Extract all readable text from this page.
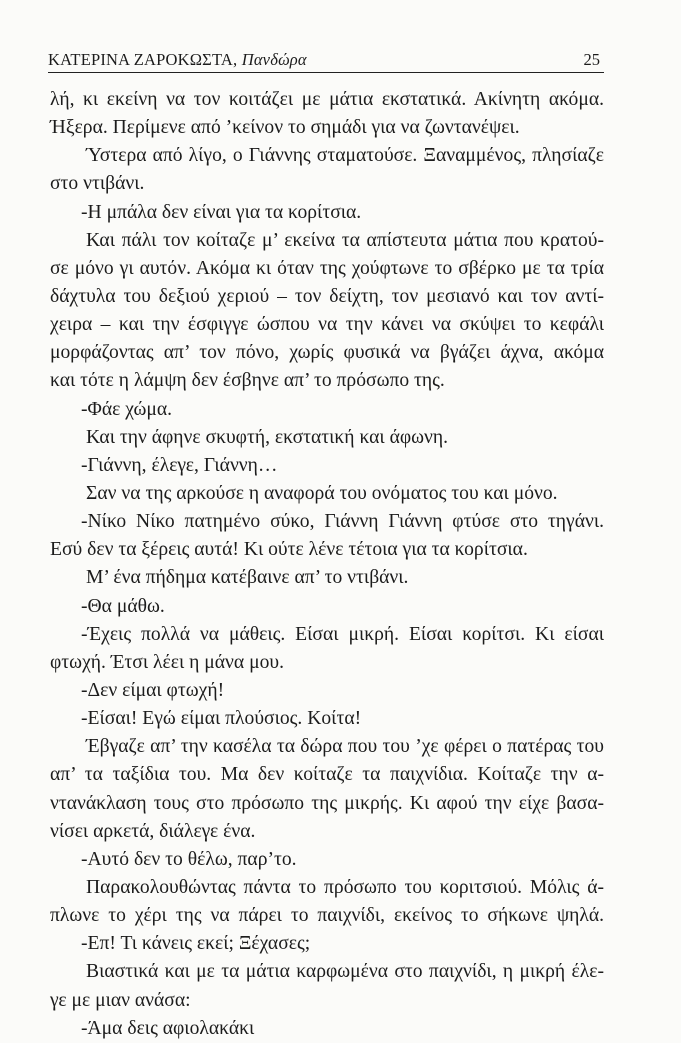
ΚΑΤΕΡΙΝΑ ΖΑΡΟΚΩΣΤΑ, Πανδώρα	25
λή, κι εκείνη να τον κοιτάζει με μάτια εκστατικά. Ακίνητη ακόμα.
Ήξερα. Περίμενε από ’κείνον το σημάδι για να ζωντανέψει.
Ύστερα από λίγο, ο Γιάννης σταματούσε. Ξαναμμένος, πλησίαζε
στο ντιβάνι.
-Η μπάλα δεν είναι για τα κορίτσια.
Και πάλι τον κοίταζε μ’ εκείνα τα απίστευτα μάτια που κρατού-
σε μόνο γι αυτόν. Ακόμα κι όταν της χούφτωνε το σβέρκο με τα τρία
δάχτυλα του δεξιού χεριού – τον δείχτη, τον μεσιανό και τον αντί-
χειρα – και την έσφιγγε ώσπου να την κάνει να σκύψει το κεφάλι
μορφάζοντας απ’ τον πόνο, χωρίς φυσικά να βγάζει άχνα, ακόμα
και τότε η λάμψη δεν έσβηνε απ’ το πρόσωπο της.
-Φάε χώμα.
Και την άφηνε σκυφτή, εκστατική και άφωνη.
-Γιάννη, έλεγε, Γιάννη…
Σαν να της αρκούσε η αναφορά του ονόματος του και μόνο.
-Νίκο Νίκο πατημένο σύκο, Γιάννη Γιάννη φτύσε στο τηγάνι.
Εσύ δεν τα ξέρεις αυτά! Κι ούτε λένε τέτοια για τα κορίτσια.
Μ’ ένα πήδημα κατέβαινε απ’ το ντιβάνι.
-Θα μάθω.
-Έχεις πολλά να μάθεις. Είσαι μικρή. Είσαι κορίτσι. Κι είσαι
φτωχή. Έτσι λέει η μάνα μου.
-Δεν είμαι φτωχή!
-Είσαι! Εγώ είμαι πλούσιος. Κοίτα!
Έβγαζε απ’ την κασέλα τα δώρα που του ’χε φέρει ο πατέρας του
απ’ τα ταξίδια του. Μα δεν κοίταζε τα παιχνίδια. Κοίταζε την α-
ντανάκλαση τους στο πρόσωπο της μικρής. Κι αφού την είχε βασα-
νίσει αρκετά, διάλεγε ένα.
-Αυτό δεν το θέλω, παρ’το.
Παρακολουθώντας πάντα το πρόσωπο του κοριτσιού. Μόλις ά-
πλωνε το χέρι της να πάρει το παιχνίδι, εκείνος το σήκωνε ψηλά.
-Επ! Τι κάνεις εκεί; Ξέχασες;
Βιαστικά και με τα μάτια καρφωμένα στο παιχνίδι, η μικρή έλε-
γε με μιαν ανάσα:
-Άμα δεις αφιολακάκι
